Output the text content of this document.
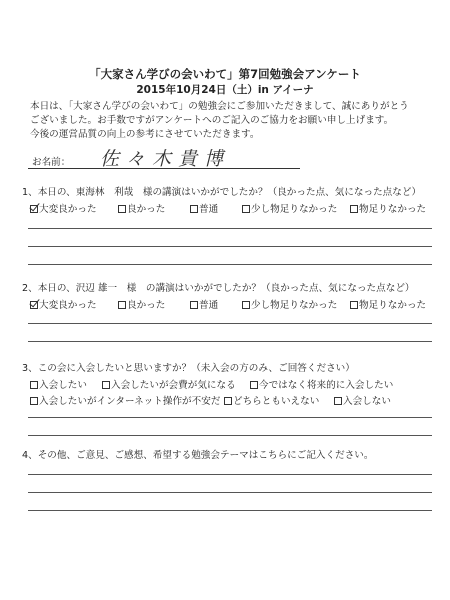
「大家さん学びの会いわて」第7回勉強会アンケート
2015年10月24日（土）in アイーナ
本日は、「大家さん学びの会いわて」の勉強会にご参加いただきまして、誠にありがとう
ございました。お手数ですがアンケートへのご記入のご協力をお願い申し上げます。
今後の運営品質の向上の参考にさせていただきます。
お名前： 佐々木貴博
1、本日の、東海林　利哉　様の講演はいかがでしたか？（良かった点、気になった点など）
大変良かった	良かった	普通	少し物足りなかった	物足りなかった
2、本日の、沢辺 雄一　様　の講演はいかがでしたか？（良かった点、気になった点など）
大変良かった	良かった	普通	少し物足りなかった	物足りなかった
3、この会に入会したいと思いますか？（未入会の方のみ、ご回答ください）
入会したい	入会したいが会費が気になる	今ではなく将来的に入会したい
入会したいがインターネット操作が不安だ	どちらともいえない	入会しない
4、その他、ご意見、ご感想、希望する勉強会テーマはこちらにご記入ください。
